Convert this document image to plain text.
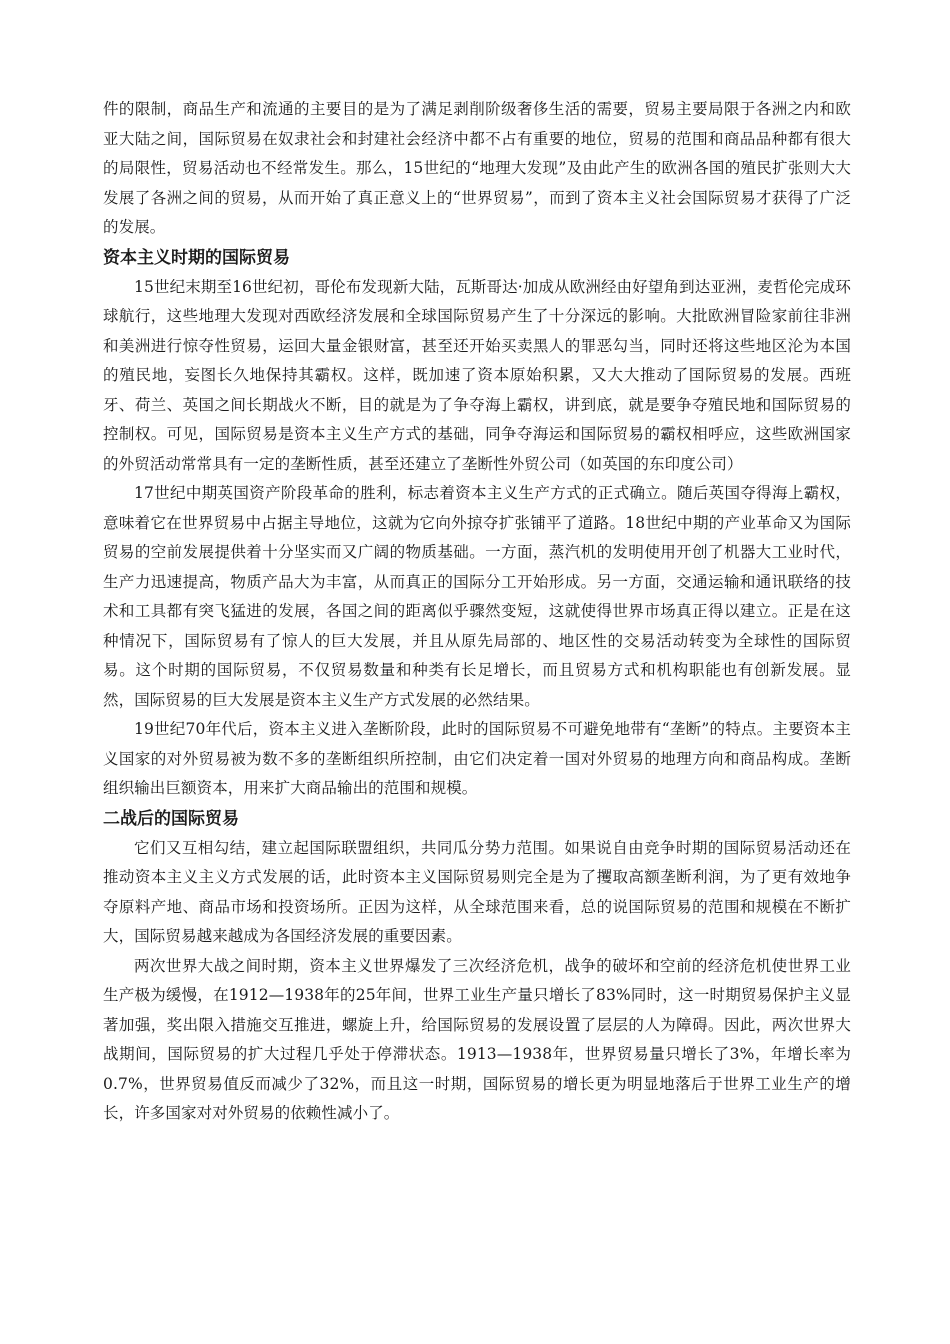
件的限制，商品生产和流通的主要目的是为了满足剥削阶级奢侈生活的需要，贸易主要局限于各洲之内和欧亚大陆之间，国际贸易在奴隶社会和封建社会经济中都不占有重要的地位，贸易的范围和商品品种都有很大的局限性，贸易活动也不经常发生。那么，15世纪的“地理大发现”及由此产生的欧洲各国的殖民扩张则大大发展了各洲之间的贸易，从而开始了真正意义上的“世界贸易”，而到了资本主义社会国际贸易才获得了广泛的发展。

资本主义时期的国际贸易

15世纪末期至16世纪初，哥伦布发现新大陆，瓦斯哥达·加成从欧洲经由好望角到达亚洲，麦哲伦完成环球航行，这些地理大发现对西欧经济发展和全球国际贸易产生了十分深远的影响。大批欧洲冒险家前往非洲和美洲进行惊夺性贸易，运回大量金银财富，甚至还开始买卖黑人的罪恶勾当，同时还将这些地区沦为本国的殖民地，妄图长久地保持其霸权。这样，既加速了资本原始积累，又大大推动了国际贸易的发展。西班牙、荷兰、英国之间长期战火不断，目的就是为了争夺海上霸权，讲到底，就是要争夺殖民地和国际贸易的控制权。可见，国际贸易是资本主义生产方式的基础，同争夺海运和国际贸易的霸权相呼应，这些欧洲国家的外贸活动常常具有一定的垄断性质，甚至还建立了垄断性外贸公司（如英国的东印度公司）

17世纪中期英国资产阶段革命的胜利，标志着资本主义生产方式的正式确立。随后英国夺得海上霸权，意味着它在世界贸易中占据主导地位，这就为它向外掠夺扩张铺平了道路。18世纪中期的产业革命又为国际贸易的空前发展提供着十分坚实而又广阔的物质基础。一方面，蒸汽机的发明使用开创了机器大工业时代，生产力迅速提高，物质产品大为丰富，从而真正的国际分工开始形成。另一方面，交通运输和通讯联络的技术和工具都有突飞猛进的发展，各国之间的距离似乎骤然变短，这就使得世界市场真正得以建立。正是在这种情况下，国际贸易有了惊人的巨大发展，并且从原先局部的、地区性的交易活动转变为全球性的国际贸易。这个时期的国际贸易，不仅贸易数量和种类有长足增长，而且贸易方式和机构职能也有创新发展。显然，国际贸易的巨大发展是资本主义生产方式发展的必然结果。

19世纪70年代后，资本主义进入垄断阶段，此时的国际贸易不可避免地带有“垄断”的特点。主要资本主义国家的对外贸易被为数不多的垄断组织所控制，由它们决定着一国对外贸易的地理方向和商品构成。垄断组织输出巨额资本，用来扩大商品输出的范围和规模。

二战后的国际贸易

它们又互相勾结，建立起国际联盟组织，共同瓜分势力范围。如果说自由竞争时期的国际贸易活动还在推动资本主义主义方式发展的话，此时资本主义国际贸易则完全是为了攫取高额垄断利润，为了更有效地争夺原料产地、商品市场和投资场所。正因为这样，从全球范围来看，总的说国际贸易的范围和规模在不断扩大，国际贸易越来越成为各国经济发展的重要因素。

两次世界大战之间时期，资本主义世界爆发了三次经济危机，战争的破坏和空前的经济危机使世界工业生产极为缓慢，在1912—1938年的25年间，世界工业生产量只增长了83%同时，这一时期贸易保护主义显著加强，奖出限入措施交互推进，螺旋上升，给国际贸易的发展设置了层层的人为障碍。因此，两次世界大战期间，国际贸易的扩大过程几乎处于停滞状态。1913—1938年，世界贸易量只增长了3%，年增长率为0.7%，世界贸易值反而减少了32%，而且这一时期，国际贸易的增长更为明显地落后于世界工业生产的增长，许多国家对对外贸易的依赖性减小了。
